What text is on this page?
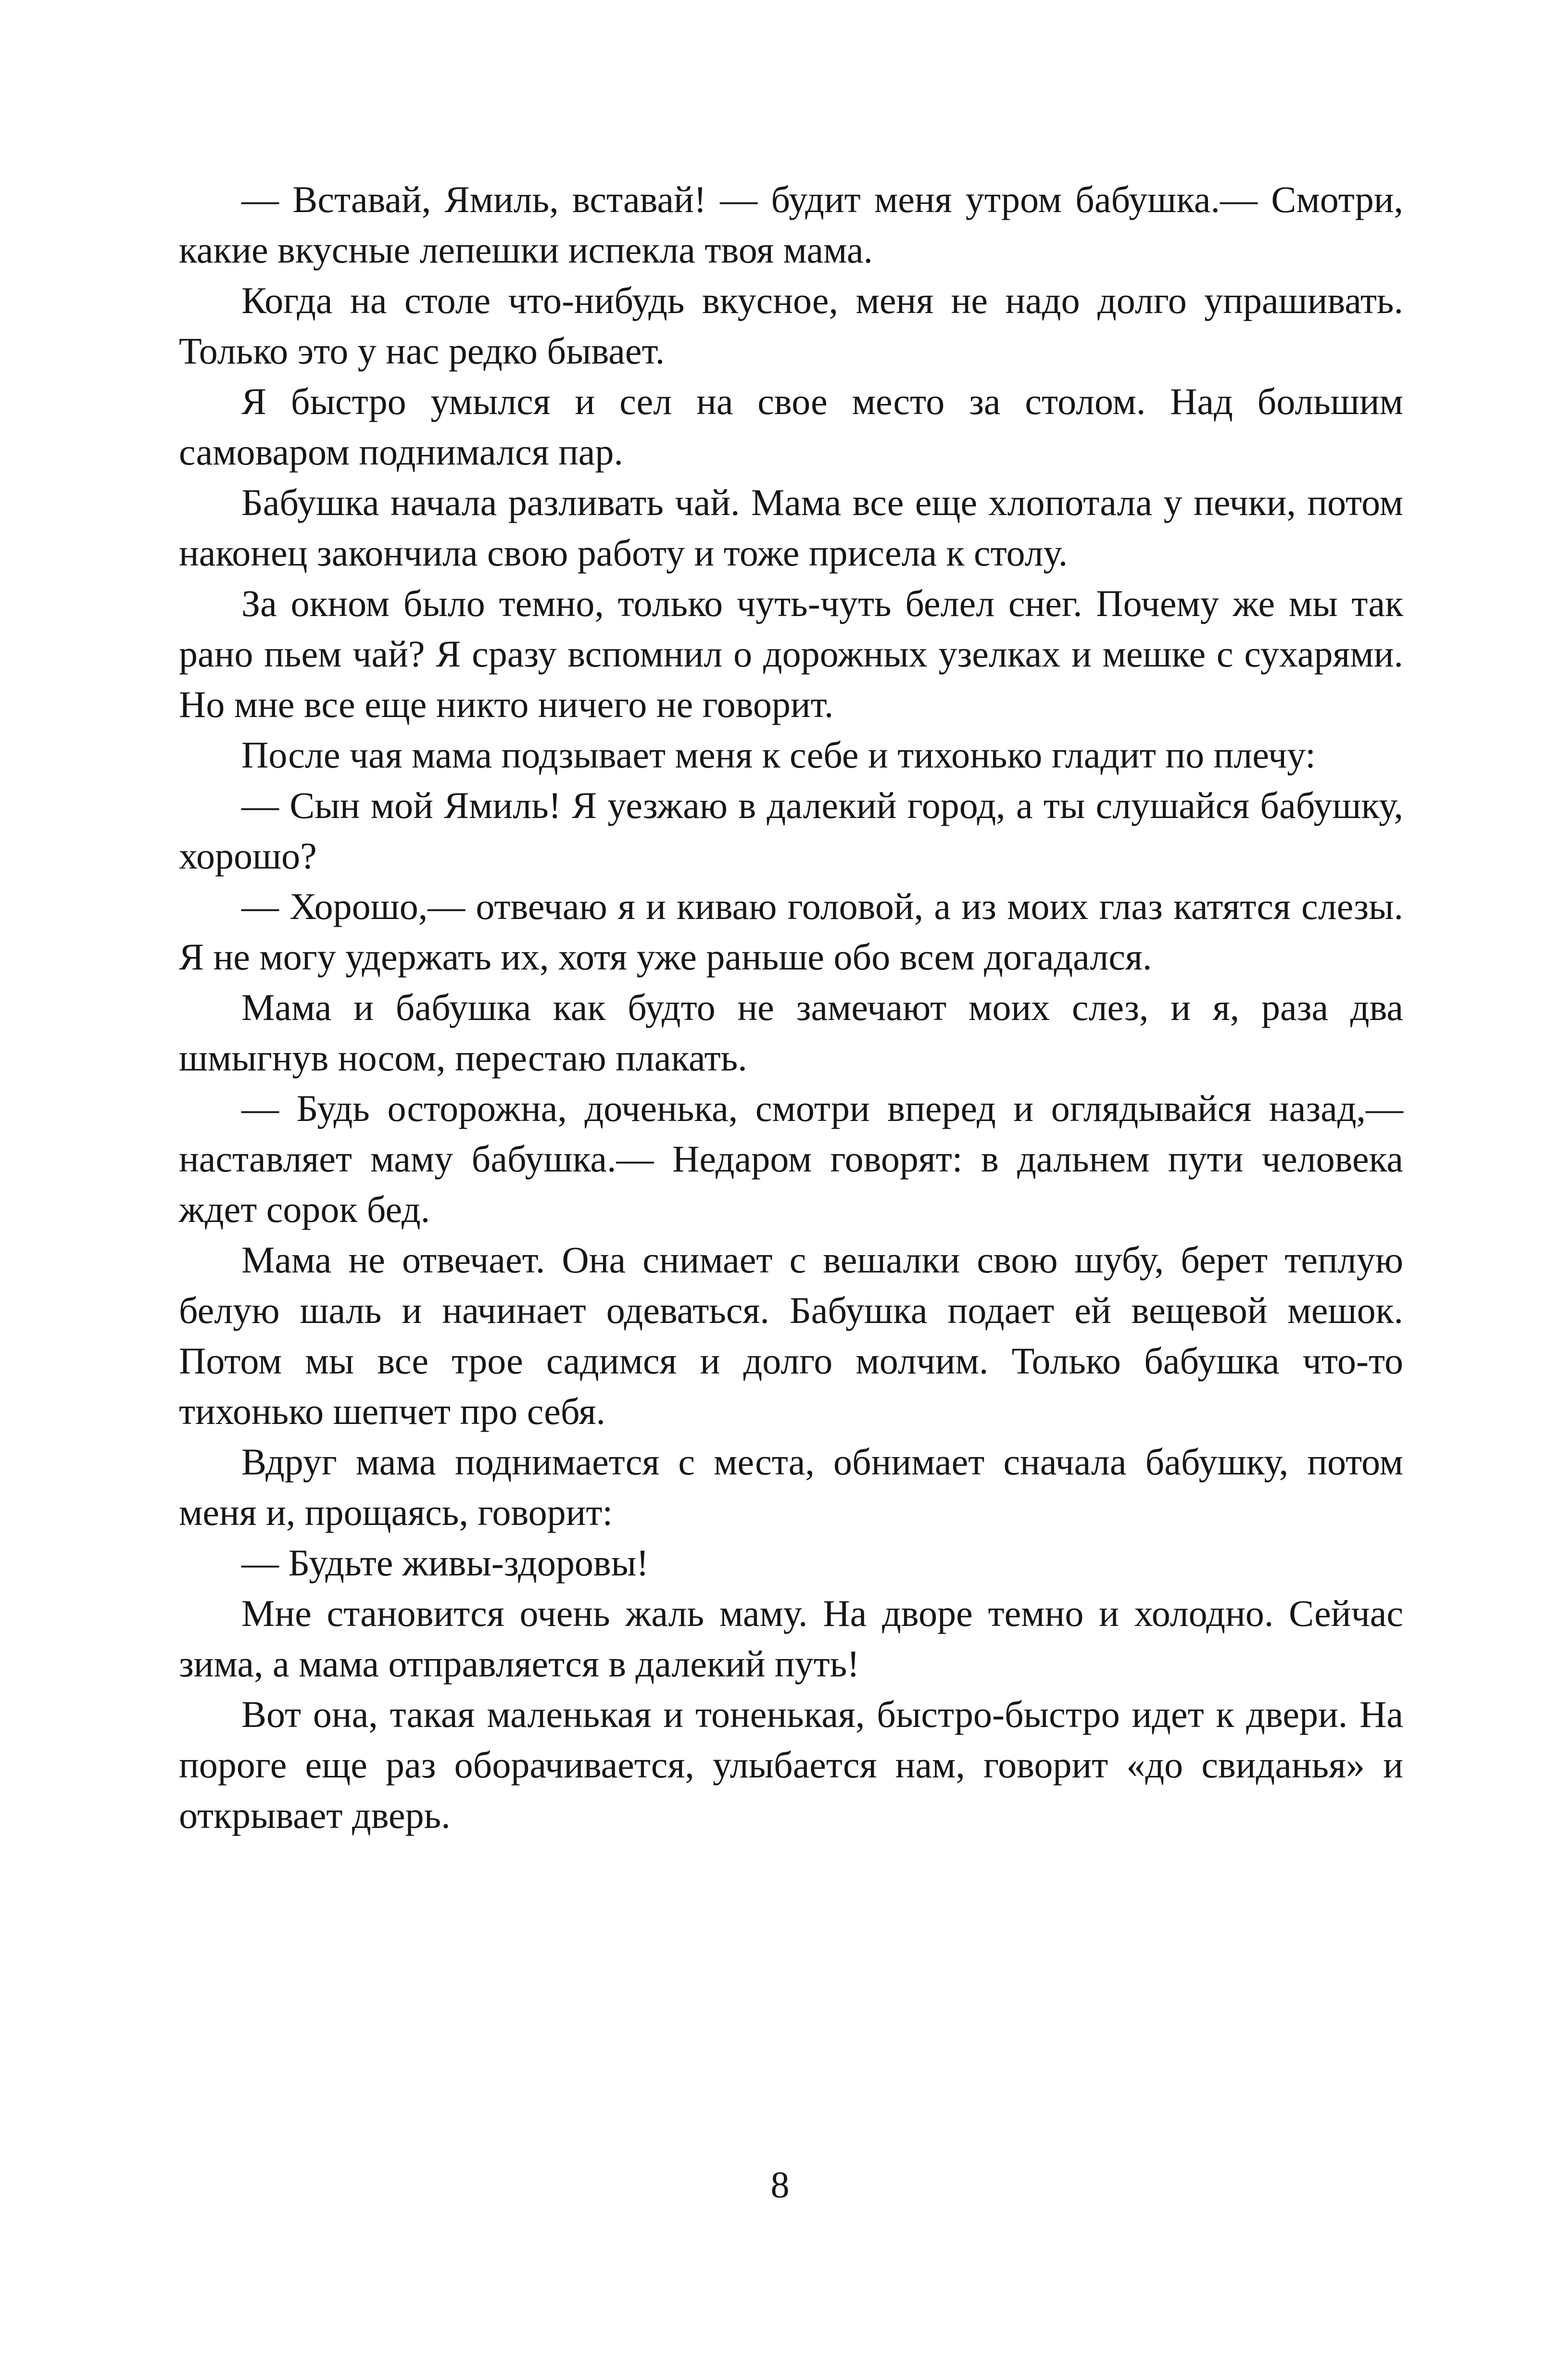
— Вставай, Ямиль, вставай! — будит меня утром бабушка.— Смотри, какие вкусные лепешки испекла твоя мама.

Когда на столе что-нибудь вкусное, меня не надо долго упрашивать. Только это у нас редко бывает.

Я быстро умылся и сел на свое место за столом. Над большим самоваром поднимался пар.

Бабушка начала разливать чай. Мама все еще хлопотала у печки, потом наконец закончила свою работу и тоже присела к столу.

За окном было темно, только чуть-чуть белел снег. Почему же мы так рано пьем чай? Я сразу вспомнил о дорожных узелках и мешке с сухарями. Но мне все еще никто ничего не говорит.

После чая мама подзывает меня к себе и тихонько гладит по плечу:

— Сын мой Ямиль! Я уезжаю в далекий город, а ты слушайся бабушку, хорошо?

— Хорошо,— отвечаю я и киваю головой, а из моих глаз катятся слезы. Я не могу удержать их, хотя уже раньше обо всем догадался.

Мама и бабушка как будто не замечают моих слез, и я, раза два шмыгнув носом, перестаю плакать.

— Будь осторожна, доченька, смотри вперед и оглядывайся назад,— наставляет маму бабушка.— Недаром говорят: в дальнем пути человека ждет сорок бед.

Мама не отвечает. Она снимает с вешалки свою шубу, берет теплую белую шаль и начинает одеваться. Бабушка подает ей вещевой мешок. Потом мы все трое садимся и долго молчим. Только бабушка что-то тихонько шепчет про себя.

Вдруг мама поднимается с места, обнимает сначала бабушку, потом меня и, прощаясь, говорит:

— Будьте живы-здоровы!

Мне становится очень жаль маму. На дворе темно и холодно. Сейчас зима, а мама отправляется в далекий путь!

Вот она, такая маленькая и тоненькая, быстро-быстро идет к двери. На пороге еще раз оборачивается, улыбается нам, говорит «до свиданья» и открывает дверь.

8
